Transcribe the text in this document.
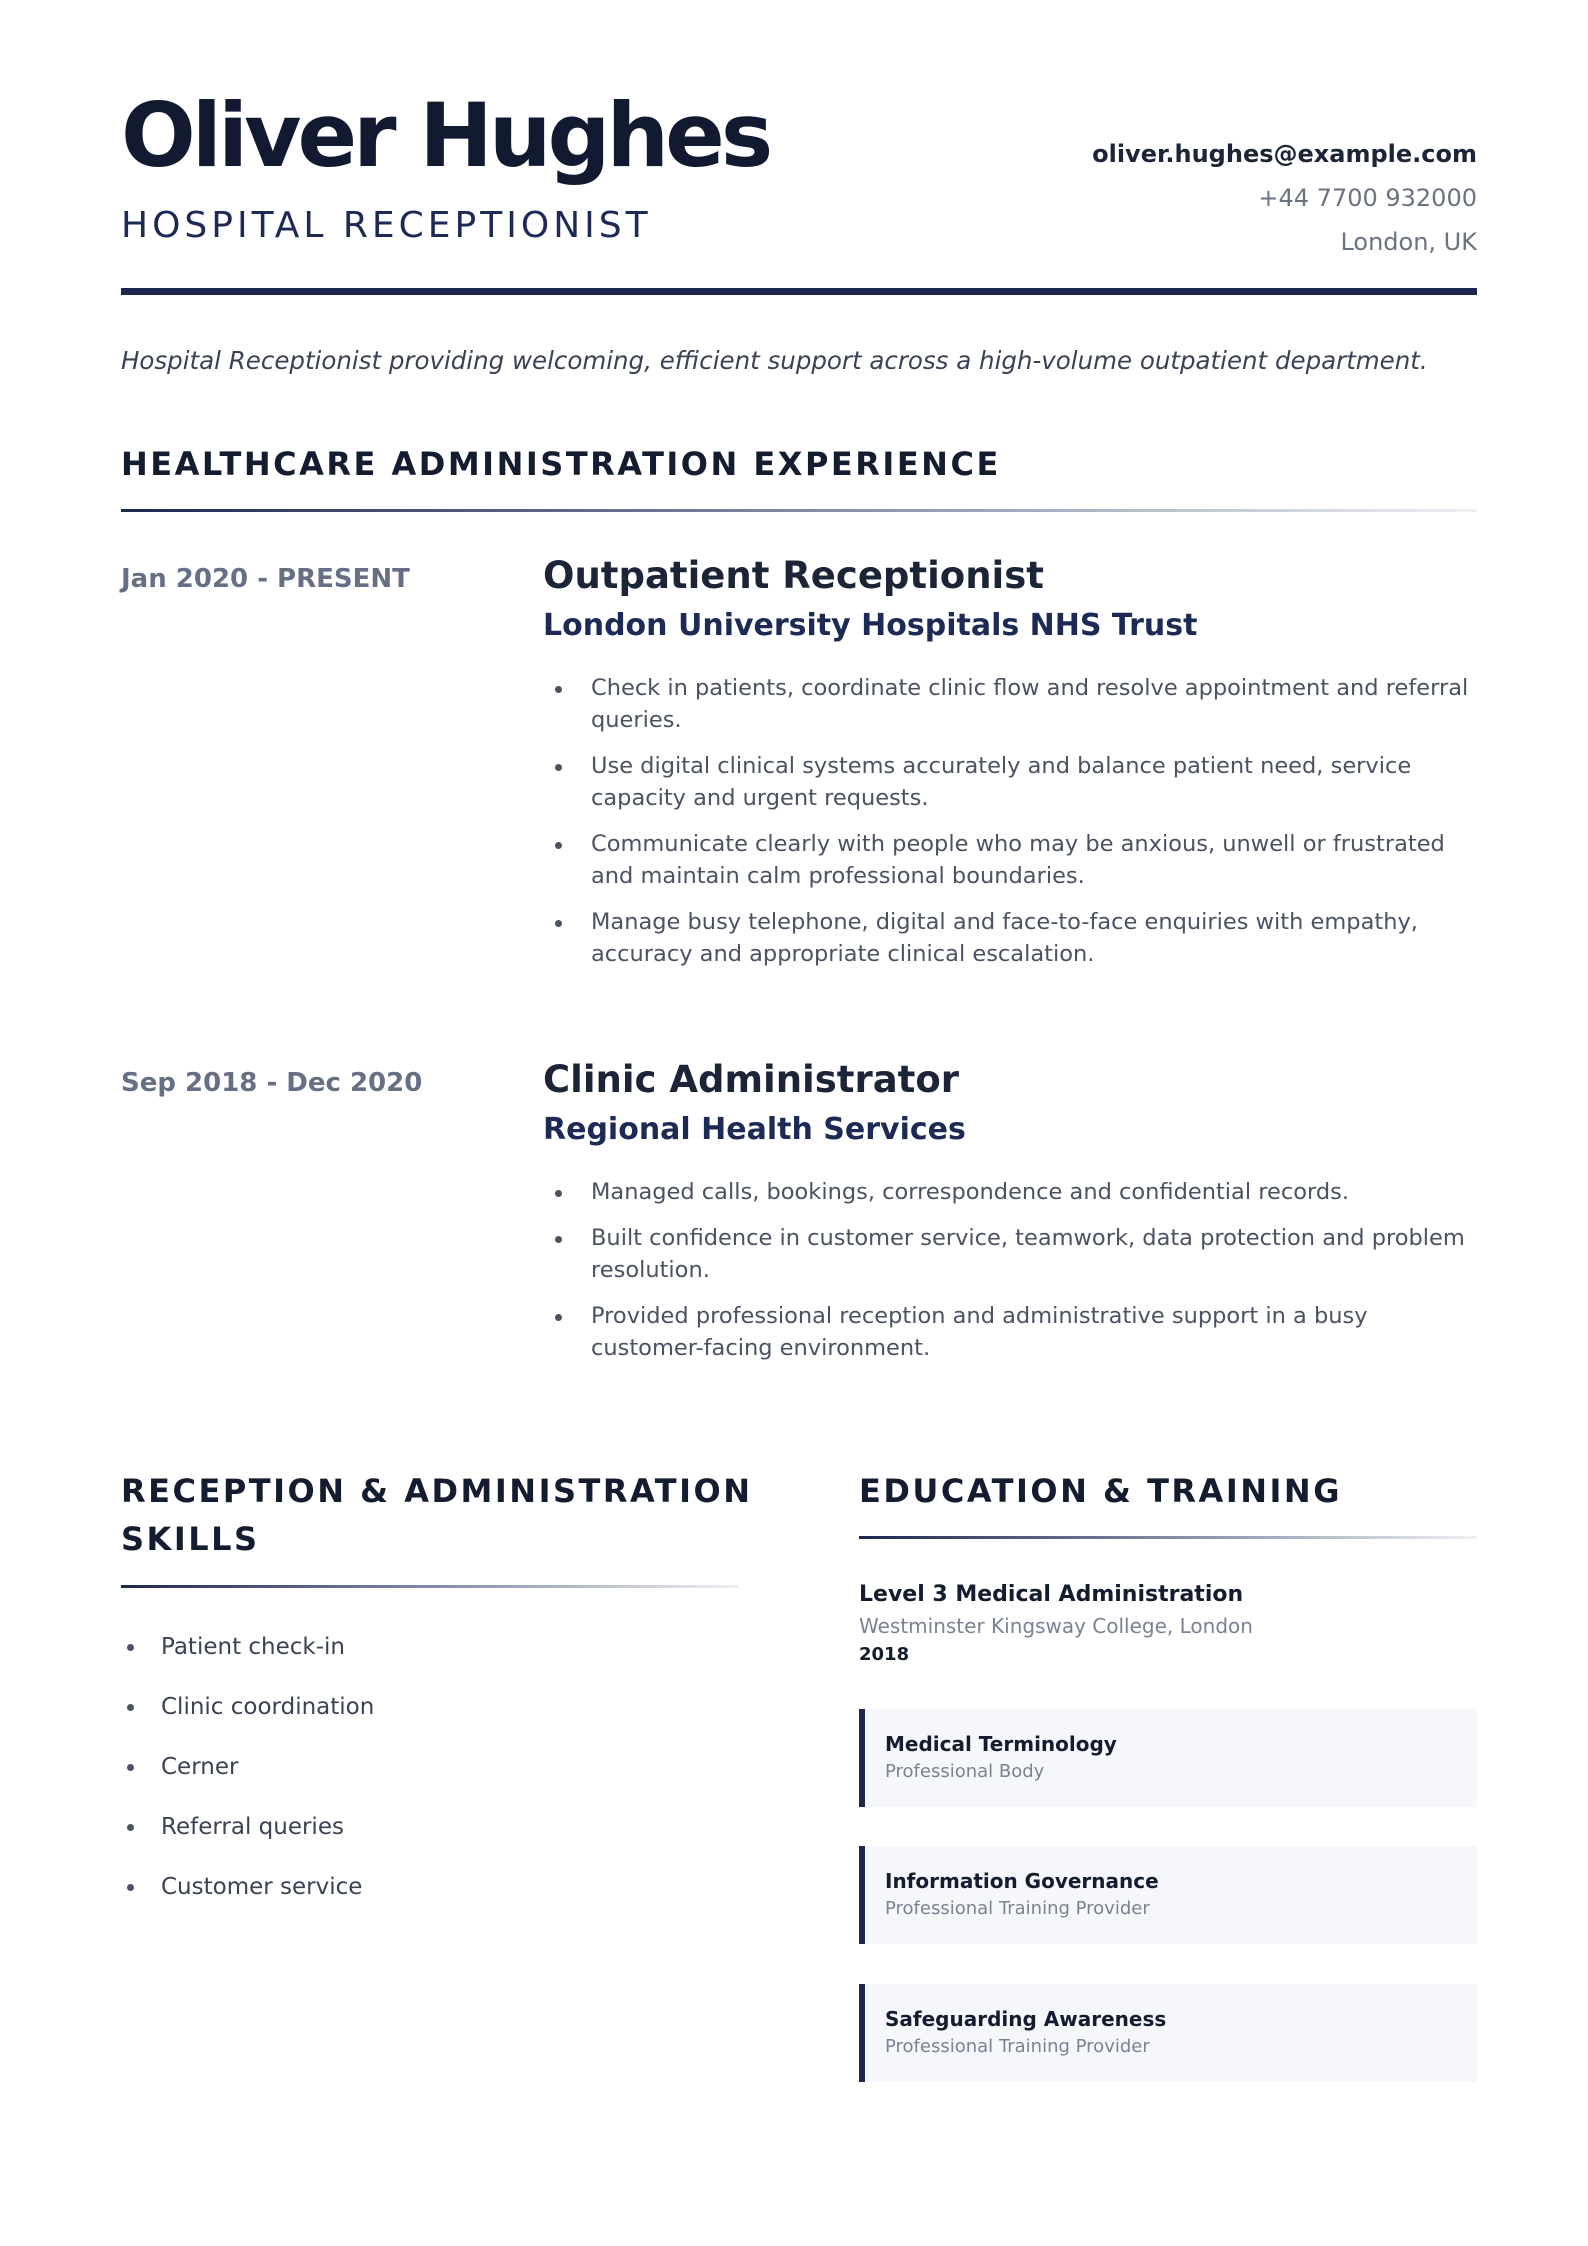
Oliver Hughes
HOSPITAL RECEPTIONIST
oliver.hughes@example.com
+44 7700 932000
London, UK
Hospital Receptionist providing welcoming, efficient support across a high-volume outpatient department.
HEALTHCARE ADMINISTRATION EXPERIENCE
Jan 2020 - PRESENT	Outpatient Receptionist
London University Hospitals NHS Trust
Check in patients, coordinate clinic flow and resolve appointment and referral queries.
Use digital clinical systems accurately and balance patient need, service capacity and urgent requests.
Communicate clearly with people who may be anxious, unwell or frustrated and maintain calm professional boundaries.
Manage busy telephone, digital and face-to-face enquiries with empathy, accuracy and appropriate clinical escalation.
Sep 2018 - Dec 2020	Clinic Administrator
Regional Health Services
Managed calls, bookings, correspondence and confidential records.
Built confidence in customer service, teamwork, data protection and problem resolution.
Provided professional reception and administrative support in a busy customer-facing environment.
RECEPTION & ADMINISTRATION
SKILLS
Patient check-in
Clinic coordination
Cerner
Referral queries
Customer service
EDUCATION & TRAINING
Level 3 Medical Administration
Westminster Kingsway College, London
2018
Medical Terminology
Professional Body
Information Governance
Professional Training Provider
Safeguarding Awareness
Professional Training Provider
